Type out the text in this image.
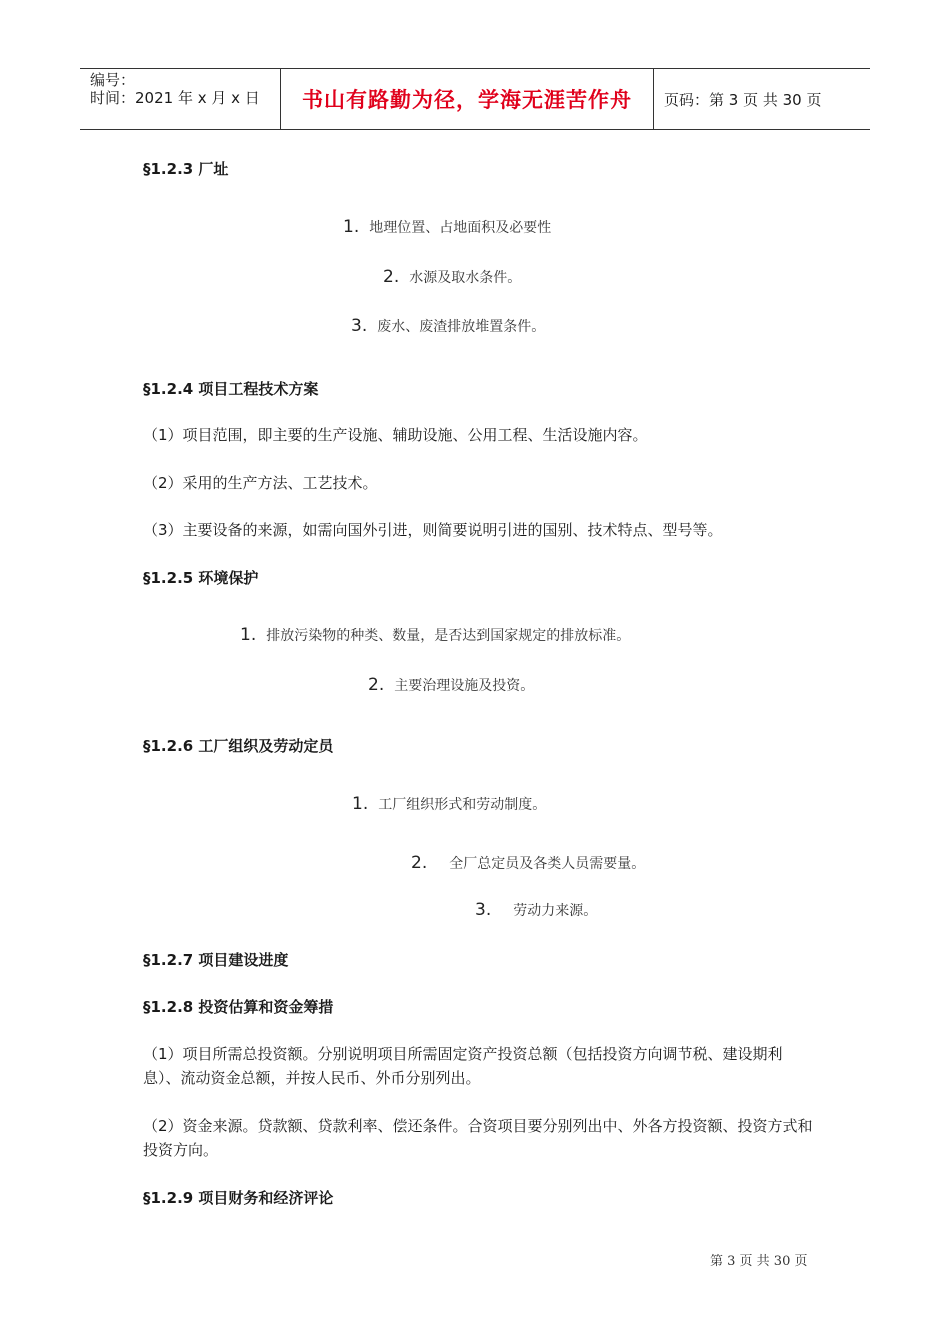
编号：
时间：2021 年 x 月 x 日	书山有路勤为径，学海无涯苦作舟	页码：第 3 页 共 30 页

§1.2.3 厂址

1. 地理位置、占地面积及必要性
2. 水源及取水条件。
3. 废水、废渣排放堆置条件。

§1.2.4 项目工程技术方案

（1）项目范围，即主要的生产设施、辅助设施、公用工程、生活设施内容。

（2）采用的生产方法、工艺技术。

（3）主要设备的来源，如需向国外引进，则简要说明引进的国别、技术特点、型号等。

§1.2.5 环境保护

1. 排放污染物的种类、数量，是否达到国家规定的排放标准。
2. 主要治理设施及投资。

§1.2.6 工厂组织及劳动定员

1. 工厂组织形式和劳动制度。
2. 全厂总定员及各类人员需要量。
3. 劳动力来源。

§1.2.7 项目建设进度

§1.2.8 投资估算和资金筹措

（1）项目所需总投资额。分别说明项目所需固定资产投资总额（包括投资方向调节税、建设期利息）、流动资金总额，并按人民币、外币分别列出。

（2）资金来源。贷款额、贷款利率、偿还条件。合资项目要分别列出中、外各方投资额、投资方式和投资方向。

§1.2.9 项目财务和经济评论

第 3 页 共 30 页
